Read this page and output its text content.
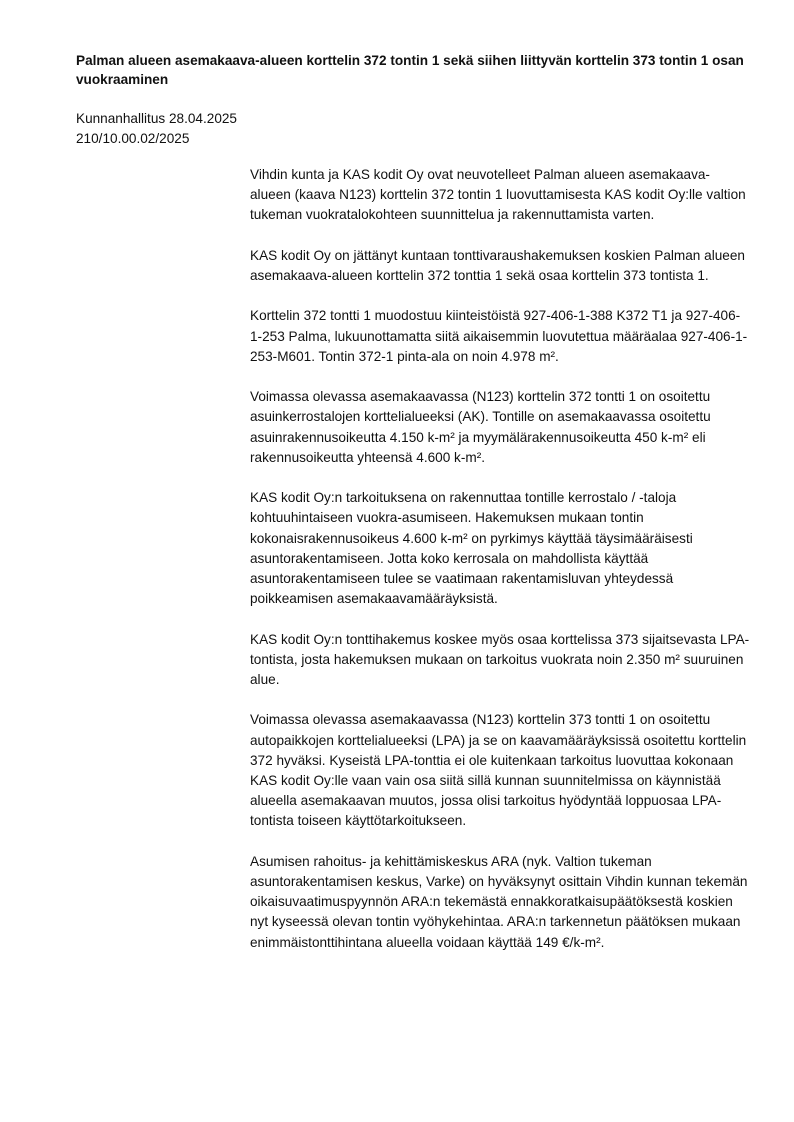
Palman alueen asemakaava-alueen korttelin 372 tontin 1 sekä siihen liittyvän korttelin 373 tontin 1 osan vuokraaminen
Kunnanhallitus 28.04.2025
210/10.00.02/2025

Vihdin kunta ja KAS kodit Oy ovat neuvotelleet Palman alueen asemakaava-alueen (kaava N123) korttelin 372 tontin 1 luovuttamisesta KAS kodit Oy:lle valtion tukeman vuokratalokohteen suunnittelua ja rakennuttamista varten.

KAS kodit Oy on jättänyt kuntaan tonttivaraushakemuksen koskien Palman alueen asemakaava-alueen korttelin 372 tonttia 1 sekä osaa korttelin 373 tontista 1.

Korttelin 372 tontti 1 muodostuu kiinteistöistä 927-406-1-388 K372 T1 ja 927-406-1-253 Palma, lukuunottamatta siitä aikaisemmin luovutettua määräalaa 927-406-1-253-M601. Tontin 372-1 pinta-ala on noin 4.978 m².

Voimassa olevassa asemakaavassa (N123) korttelin 372 tontti 1 on osoitettu asuinkerrostalojen korttelialueeksi (AK). Tontille on asemakaavassa osoitettu asuinrakennusoikeutta 4.150 k-m² ja myymälärakennusoikeutta 450 k-m² eli rakennusoikeutta yhteensä 4.600 k-m².

KAS kodit Oy:n tarkoituksena on rakennuttaa tontille kerrostalo / -taloja kohtuuhintaiseen vuokra-asumiseen. Hakemuksen mukaan tontin kokonaisrakennusoikeus 4.600 k-m² on pyrkimys käyttää täysimääräisesti asuntorakentamiseen. Jotta koko kerrosala on mahdollista käyttää asuntorakentamiseen tulee se vaatimaan rakentamisluvan yhteydessä poikkeamisen asemakaavamääräyksistä.

KAS kodit Oy:n tonttihakemus koskee myös osaa korttelissa 373 sijaitsevasta LPA-tontista, josta hakemuksen mukaan on tarkoitus vuokrata noin 2.350 m² suuruinen alue.

Voimassa olevassa asemakaavassa (N123) korttelin 373 tontti 1 on osoitettu autopaikkojen korttelialueeksi (LPA) ja se on kaavamääräyksissä osoitettu korttelin 372 hyväksi. Kyseistä LPA-tonttia ei ole kuitenkaan tarkoitus luovuttaa kokonaan KAS kodit Oy:lle vaan vain osa siitä sillä kunnan suunnitelmissa on käynnistää alueella asemakaavan muutos, jossa olisi tarkoitus hyödyntää loppuosaa LPA-tontista toiseen käyttötarkoitukseen.

Asumisen rahoitus- ja kehittämiskeskus ARA (nyk. Valtion tukeman asuntorakentamisen keskus, Varke) on hyväksynyt osittain Vihdin kunnan tekemän oikaisuvaatimuspyynnön ARA:n tekemästä ennakkoratkaisupäätöksestä koskien nyt kyseessä olevan tontin vyöhykehintaa. ARA:n tarkennetun päätöksen mukaan enimmäistonttihintana alueella voidaan käyttää 149 €/k-m².
